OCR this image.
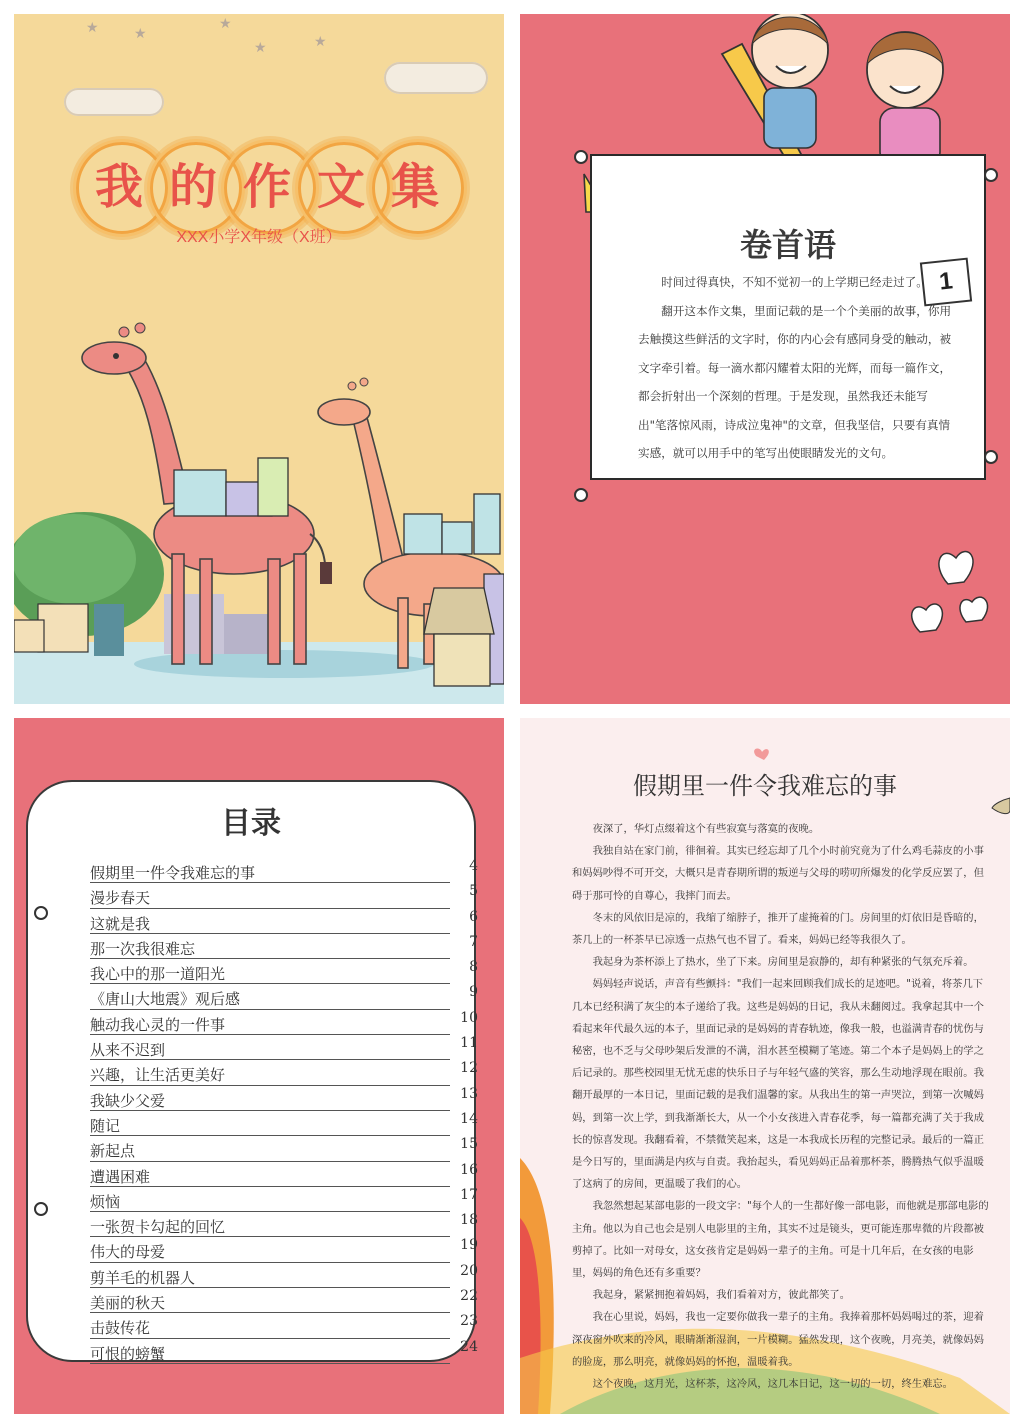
★	★
★
★	★
我 的 作 文 集
XXX小学X年级（X班）
1
卷首语

时间过得真快，不知不觉初一的上学期已经走过了。

翻开这本作文集，里面记载的是一个个美丽的故事，你用去触摸这些鲜活的文字时，你的内心会有感同身受的触动，被文字牵引着。每一滴水都闪耀着太阳的光辉，而每一篇作文，都会折射出一个深刻的哲理。于是发现，虽然我还未能写出"笔落惊风雨，诗成泣鬼神"的文章，但我坚信，只要有真情实感，就可以用手中的笔写出使眼睛发光的文句。

目录
假期里一件令我难忘的事	4
漫步春天	5
这就是我	6
那一次我很难忘	7
我心中的那一道阳光	8
《唐山大地震》观后感	9
触动我心灵的一件事	10
从来不迟到	11
兴趣，让生活更美好	12
我缺少父爱	13
随记	14
新起点	15
遭遇困难	16
烦恼	17
一张贺卡勾起的回忆	18
伟大的母爱	19
剪羊毛的机器人	20
美丽的秋天	22
击鼓传花	23
可恨的螃蟹	24
假期里一件令我难忘的事

夜深了，华灯点缀着这个有些寂寞与落寞的夜晚。

我独自站在家门前，徘徊着。其实已经忘却了几个小时前究竟为了什么鸡毛蒜皮的小事和妈妈吵得不可开交，大概只是青春期所谓的叛逆与父母的唠叨所爆发的化学反应罢了，但碍于那可怜的自尊心，我摔门而去。

冬末的风依旧是凉的，我缩了缩脖子，推开了虚掩着的门。房间里的灯依旧是昏暗的，茶几上的一杯茶早已凉透一点热气也不冒了。看来，妈妈已经等我很久了。

我起身为茶杯添上了热水，坐了下来。房间里是寂静的，却有种紧张的气氛充斥着。

妈妈轻声说话，声音有些颤抖："我们一起来回顾我们成长的足迹吧。"说着，将茶几下几本已经积满了灰尘的本子递给了我。这些是妈妈的日记，我从未翻阅过。我拿起其中一个看起来年代最久远的本子，里面记录的是妈妈的青春轨迹，像我一般，也溢满青春的忧伤与秘密，也不乏与父母吵架后发泄的不满，泪水甚至模糊了笔迹。第二个本子是妈妈上的学之后记录的。那些校园里无忧无虑的快乐日子与年轻气盛的笑容，那么生动地浮现在眼前。我翻开最厚的一本日记，里面记载的是我们温馨的家。从我出生的第一声哭泣，到第一次喊妈妈，到第一次上学，到我渐渐长大，从一个小女孩进入青春花季，每一篇都充满了关于我成长的惊喜发现。我翻看着，不禁微笑起来，这是一本我成长历程的完整记录。最后的一篇正是今日写的，里面满是内疚与自责。我抬起头，看见妈妈正品着那杯茶，腾腾热气似乎温暖了这病了的房间，更温暖了我们的心。

我忽然想起某部电影的一段文字："每个人的一生都好像一部电影，而他就是那部电影的主角。他以为自己也会是别人电影里的主角，其实不过是镜头，更可能连那卑微的片段都被剪掉了。比如一对母女，这女孩肯定是妈妈一辈子的主角。可是十几年后，在女孩的电影里，妈妈的角色还有多重要？

我起身，紧紧拥抱着妈妈，我们看着对方，彼此都笑了。

我在心里说，妈妈，我也一定要你做我一辈子的主角。我捧着那杯妈妈喝过的茶，迎着深夜窗外吹来的冷风，眼睛渐渐湿润，一片模糊。猛然发现，这个夜晚，月亮美，就像妈妈的脸庞，那么明亮，就像妈妈的怀抱，温暖着我。

这个夜晚，这月光，这杯茶，这冷风，这几本日记，这一切的一切，终生难忘。
